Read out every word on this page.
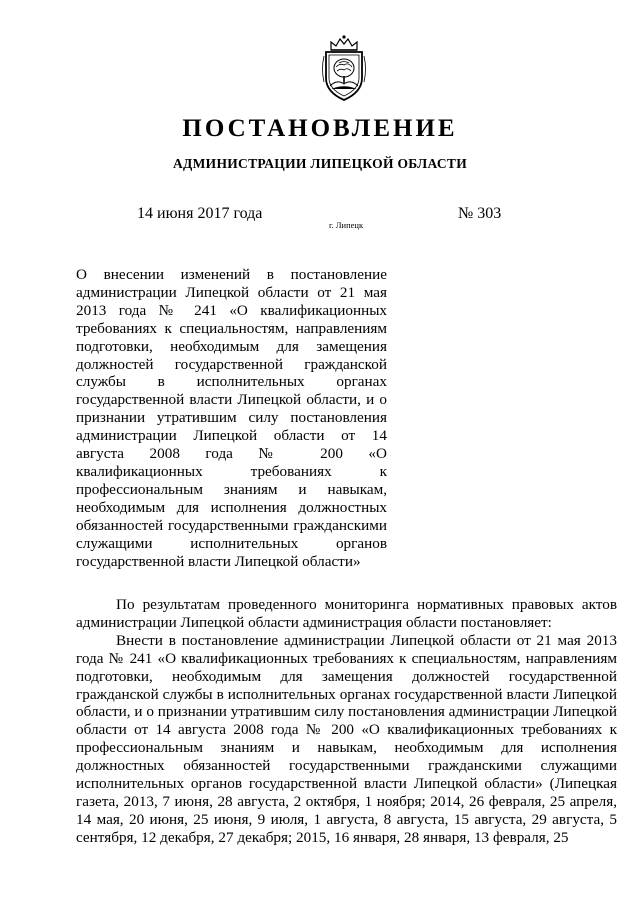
ПОСТАНОВЛЕНИЕ
АДМИНИСТРАЦИИ ЛИПЕЦКОЙ ОБЛАСТИ
14 июня 2017 года
г. Липецк
№ 303
О внесении изменений в постановление администрации Липецкой области от 21 мая 2013 года № 241 «О квалификационных требованиях к специальностям, направлениям подготовки, необходимым для замещения должностей государственной гражданской службы в исполнительных органах государственной власти Липецкой области, и о признании утратившим силу постановления администрации Липецкой области от 14 августа 2008 года № 200 «О квалификационных требованиях к профессиональным знаниям и навыкам, необходимым для исполнения должностных обязанностей государственными гражданскими служащими исполнительных органов государственной власти Липецкой области»

По результатам проведенного мониторинга нормативных правовых актов администрации Липецкой области администрация области постановляет:

Внести в постановление администрации Липецкой области от 21 мая 2013 года № 241 «О квалификационных требованиях к специальностям, направлениям подготовки, необходимым для замещения должностей государственной гражданской службы в исполнительных органах государственной власти Липецкой области, и о признании утратившим силу постановления администрации Липецкой области от 14 августа 2008 года № 200 «О квалификационных требованиях к профессиональным знаниям и навыкам, необходимым для исполнения должностных обязанностей государственными гражданскими служащими исполнительных органов государственной власти Липецкой области» (Липецкая газета, 2013, 7 июня, 28 августа, 2 октября, 1 ноября; 2014, 26 февраля, 25 апреля, 14 мая, 20 июня, 25 июня, 9 июля, 1 августа, 8 августа, 15 августа, 29 августа, 5 сентября, 12 декабря, 27 декабря; 2015, 16 января, 28 января, 13 февраля, 25
